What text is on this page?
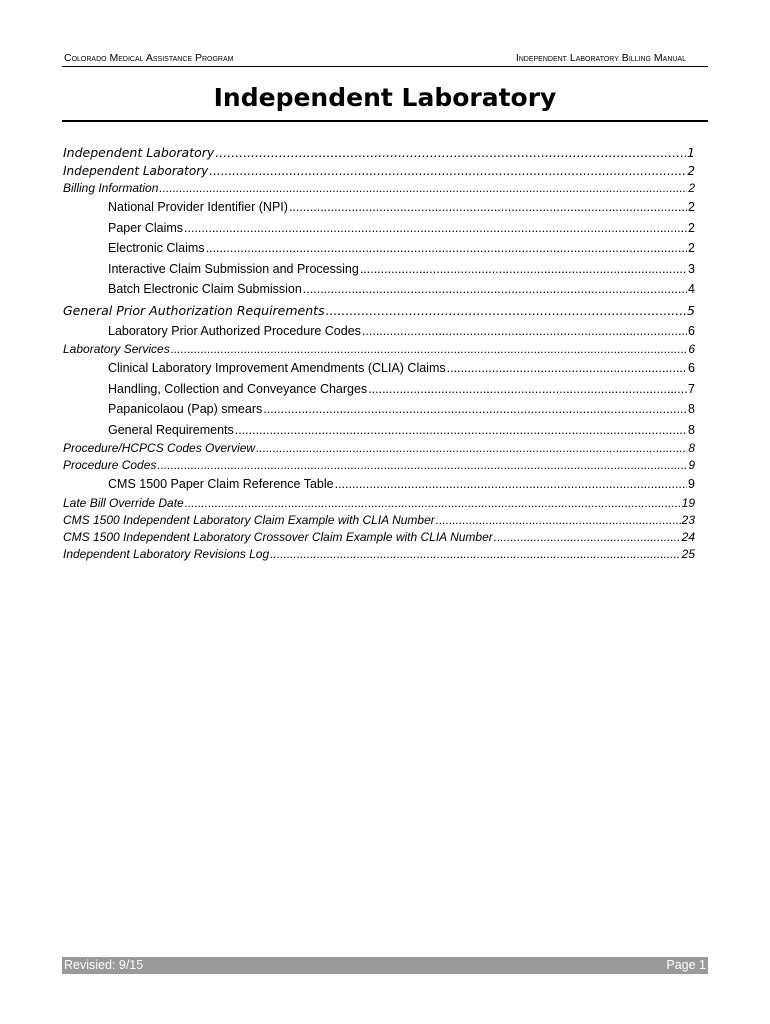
Colorado Medical Assistance Program	Independent Laboratory Billing Manual
Independent Laboratory
Independent Laboratory .....	1
Independent Laboratory .....	2
Billing Information .....	2
National Provider Identifier (NPI) .....	2
Paper Claims .....	2
Electronic Claims .....	2
Interactive Claim Submission and Processing .....	3
Batch Electronic Claim Submission .....	4
General Prior Authorization Requirements .....	5
Laboratory Prior Authorized Procedure Codes .....	6
Laboratory Services .....	6
Clinical Laboratory Improvement Amendments (CLIA) Claims .....	6
Handling, Collection and Conveyance Charges .....	7
Papanicolaou (Pap) smears .....	8
General Requirements .....	8
Procedure/HCPCS Codes Overview .....	8
Procedure Codes .....	9
CMS 1500 Paper Claim Reference Table .....	9
Late Bill Override Date .....	19
CMS 1500 Independent Laboratory Claim Example with CLIA Number .....	23
CMS 1500 Independent Laboratory Crossover Claim Example with CLIA Number .....	24
Independent Laboratory Revisions Log .....	25
Revisied: 9/15	Page 1
